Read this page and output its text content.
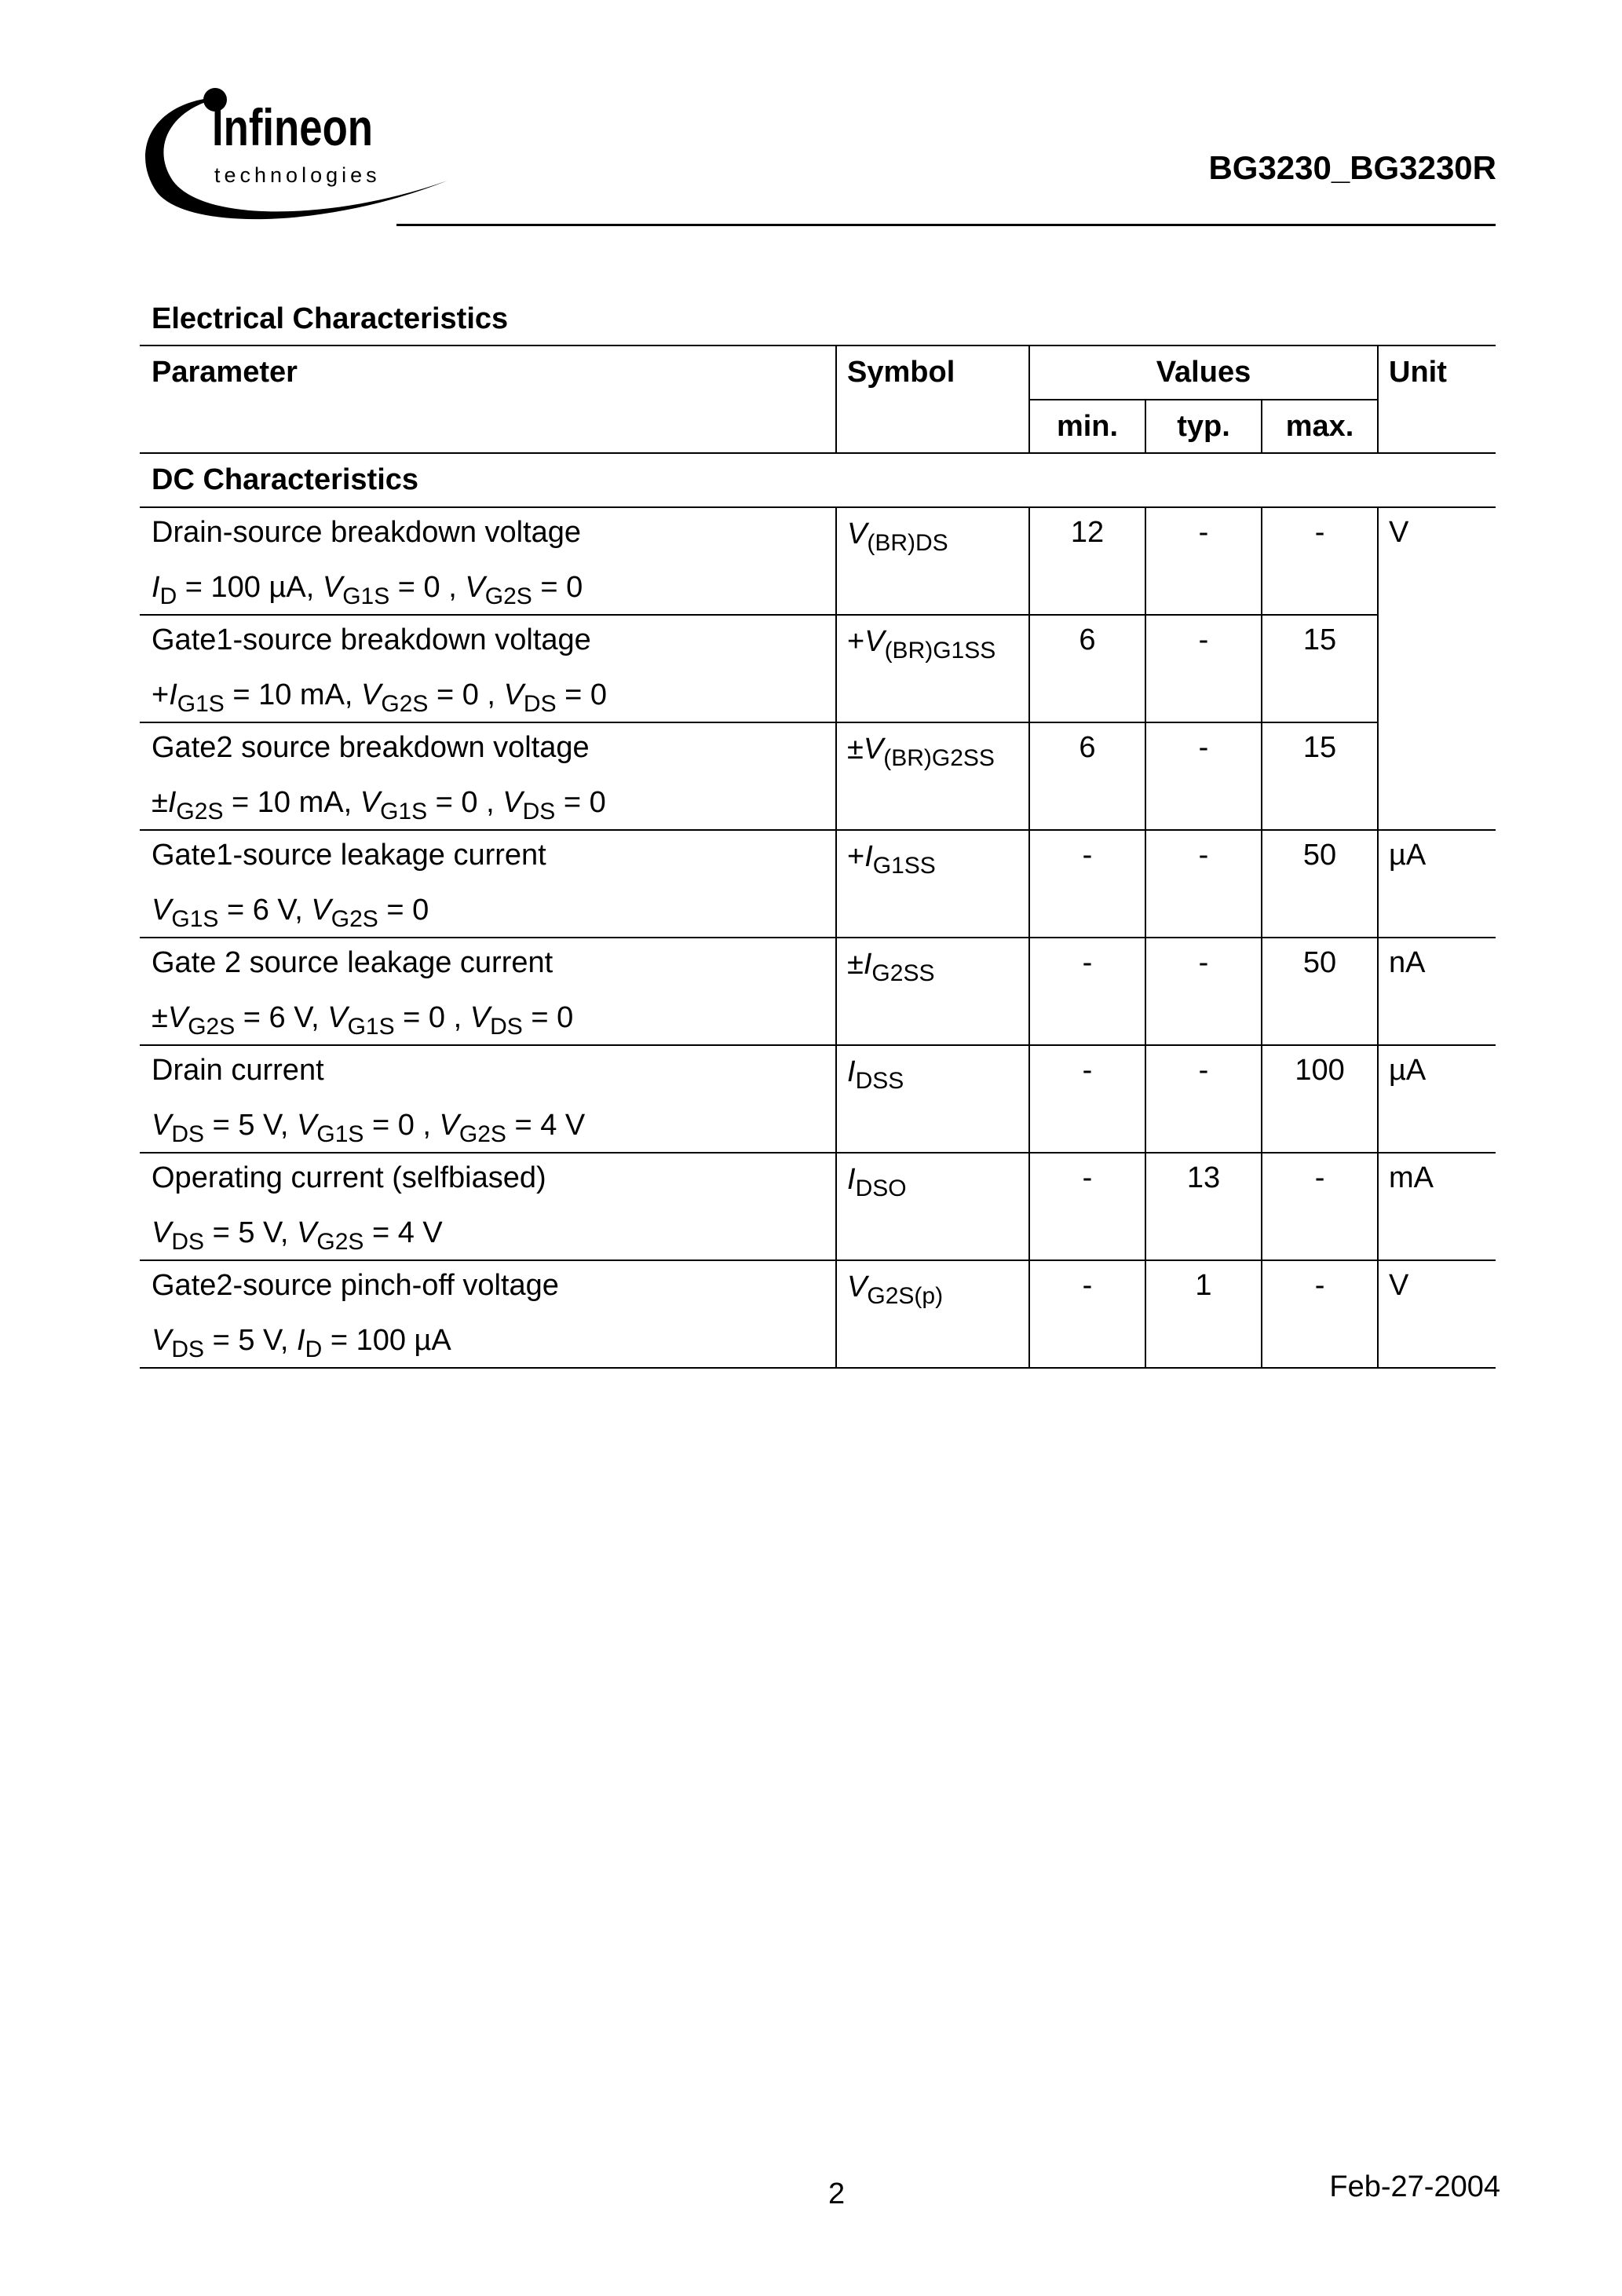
Infineon
technologies	BG3230_BG3230R
Electrical Characteristics
Parameter	Symbol	Values			Unit
		min.	typ.	max.	
DC Characteristics					

Drain-source breakdown voltage
$I_D = 100$ µA, $V_{G1S} = 0$ , $V_{G2S} = 0$	$V_{(BR)DS}$	12	-	-	V

Gate1-source breakdown voltage
$+I_{G1S} = 10$ mA, $V_{G2S} = 0$ , $V_{DS} = 0$	$+V_{(BR)G1SS}$	6	-	15	

Gate2 source breakdown voltage
$\pm I_{G2S} = 10$ mA, $V_{G1S} = 0$ , $V_{DS} = 0$	$\pm V_{(BR)G2SS}$	6	-	15	

Gate1-source leakage current
$V_{G1S} = 6$ V, $V_{G2S} = 0$	$+I_{G1SS}$	-	-	50	µA

Gate 2 source leakage current
$\pm V_{G2S} = 6$ V, $V_{G1S} = 0$ , $V_{DS} = 0$	$\pm I_{G2SS}$	-	-	50	nA

Drain current
$V_{DS} = 5$ V, $V_{G1S} = 0$ , $V_{G2S} = 4$ V	$I_{DSS}$	-	-	100	µA

Operating current (selfbiased)
$V_{DS} = 5$ V, $V_{G2S} = 4$ V	$I_{DSO}$	-	13	-	mA

Gate2-source pinch-off voltage
$V_{DS} = 5$ V, $I_D = 100$ µA	$V_{G2S(p)}$	-	1	-	V
2	Feb-27-2004
